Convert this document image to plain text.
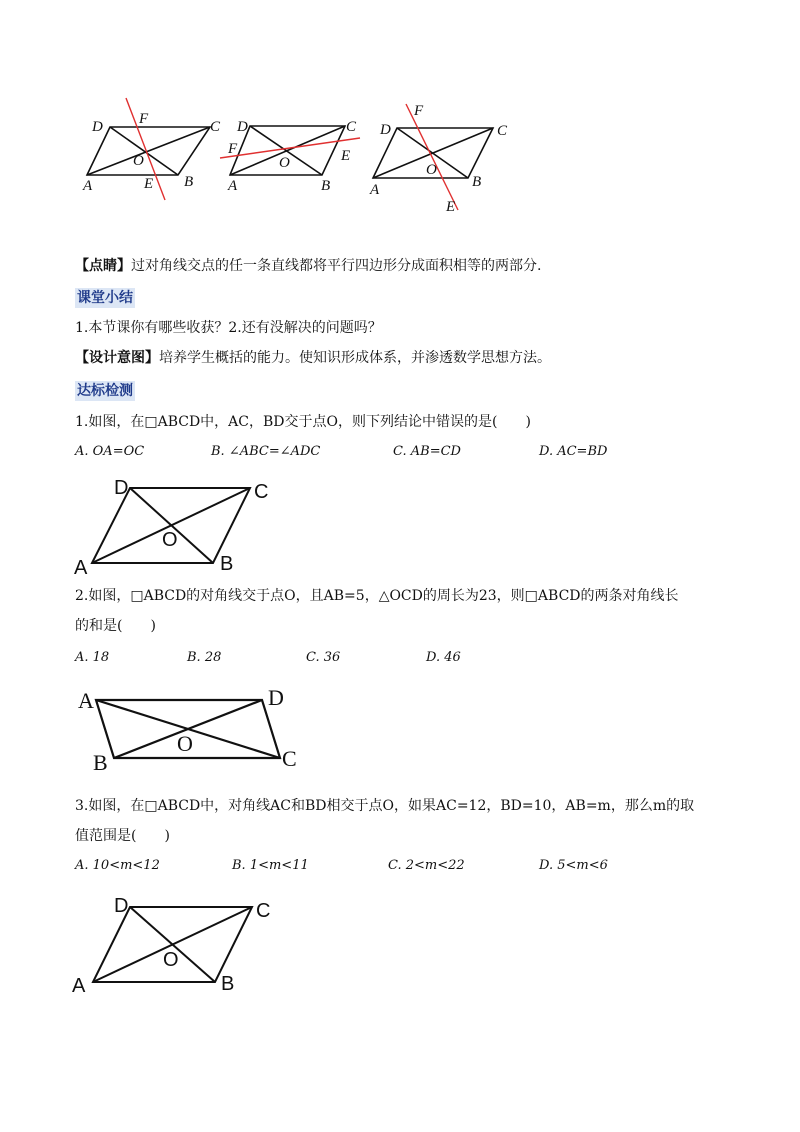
D F	C
O
A	E B
D	C
F
O	E
A	B
F
D	C
O
A	B
E
【点睛】过对角线交点的任一条直线都将平行四边形分成面积相等的两部分.
课堂小结
1.本节课你有哪些收获？2.还有没解决的问题吗？
【设计意图】培养学生概括的能力。使知识形成体系，并渗透数学思想方法。
达标检测
1.如图，在□ABCD中，AC，BD交于点O，则下列结论中错误的是(　　)
A. OA=OC	B. ∠ABC=∠ADC	C. AB=CD	D. AC=BD
D	C
O
A	B
2.如图，□ABCD的对角线交于点O，且AB=5，△OCD的周长为23，则□ABCD的两条对角线长
的和是(　　)
A. 18	B. 28	C. 36	D. 46
A	D
O
B	C
3.如图，在□ABCD中，对角线AC和BD相交于点O，如果AC=12，BD=10，AB=m，那么m的取
值范围是(　　)
A. 10<m<12	B. 1<m<11	C. 2<m<22	D. 5<m<6
D	C
O
A	B
